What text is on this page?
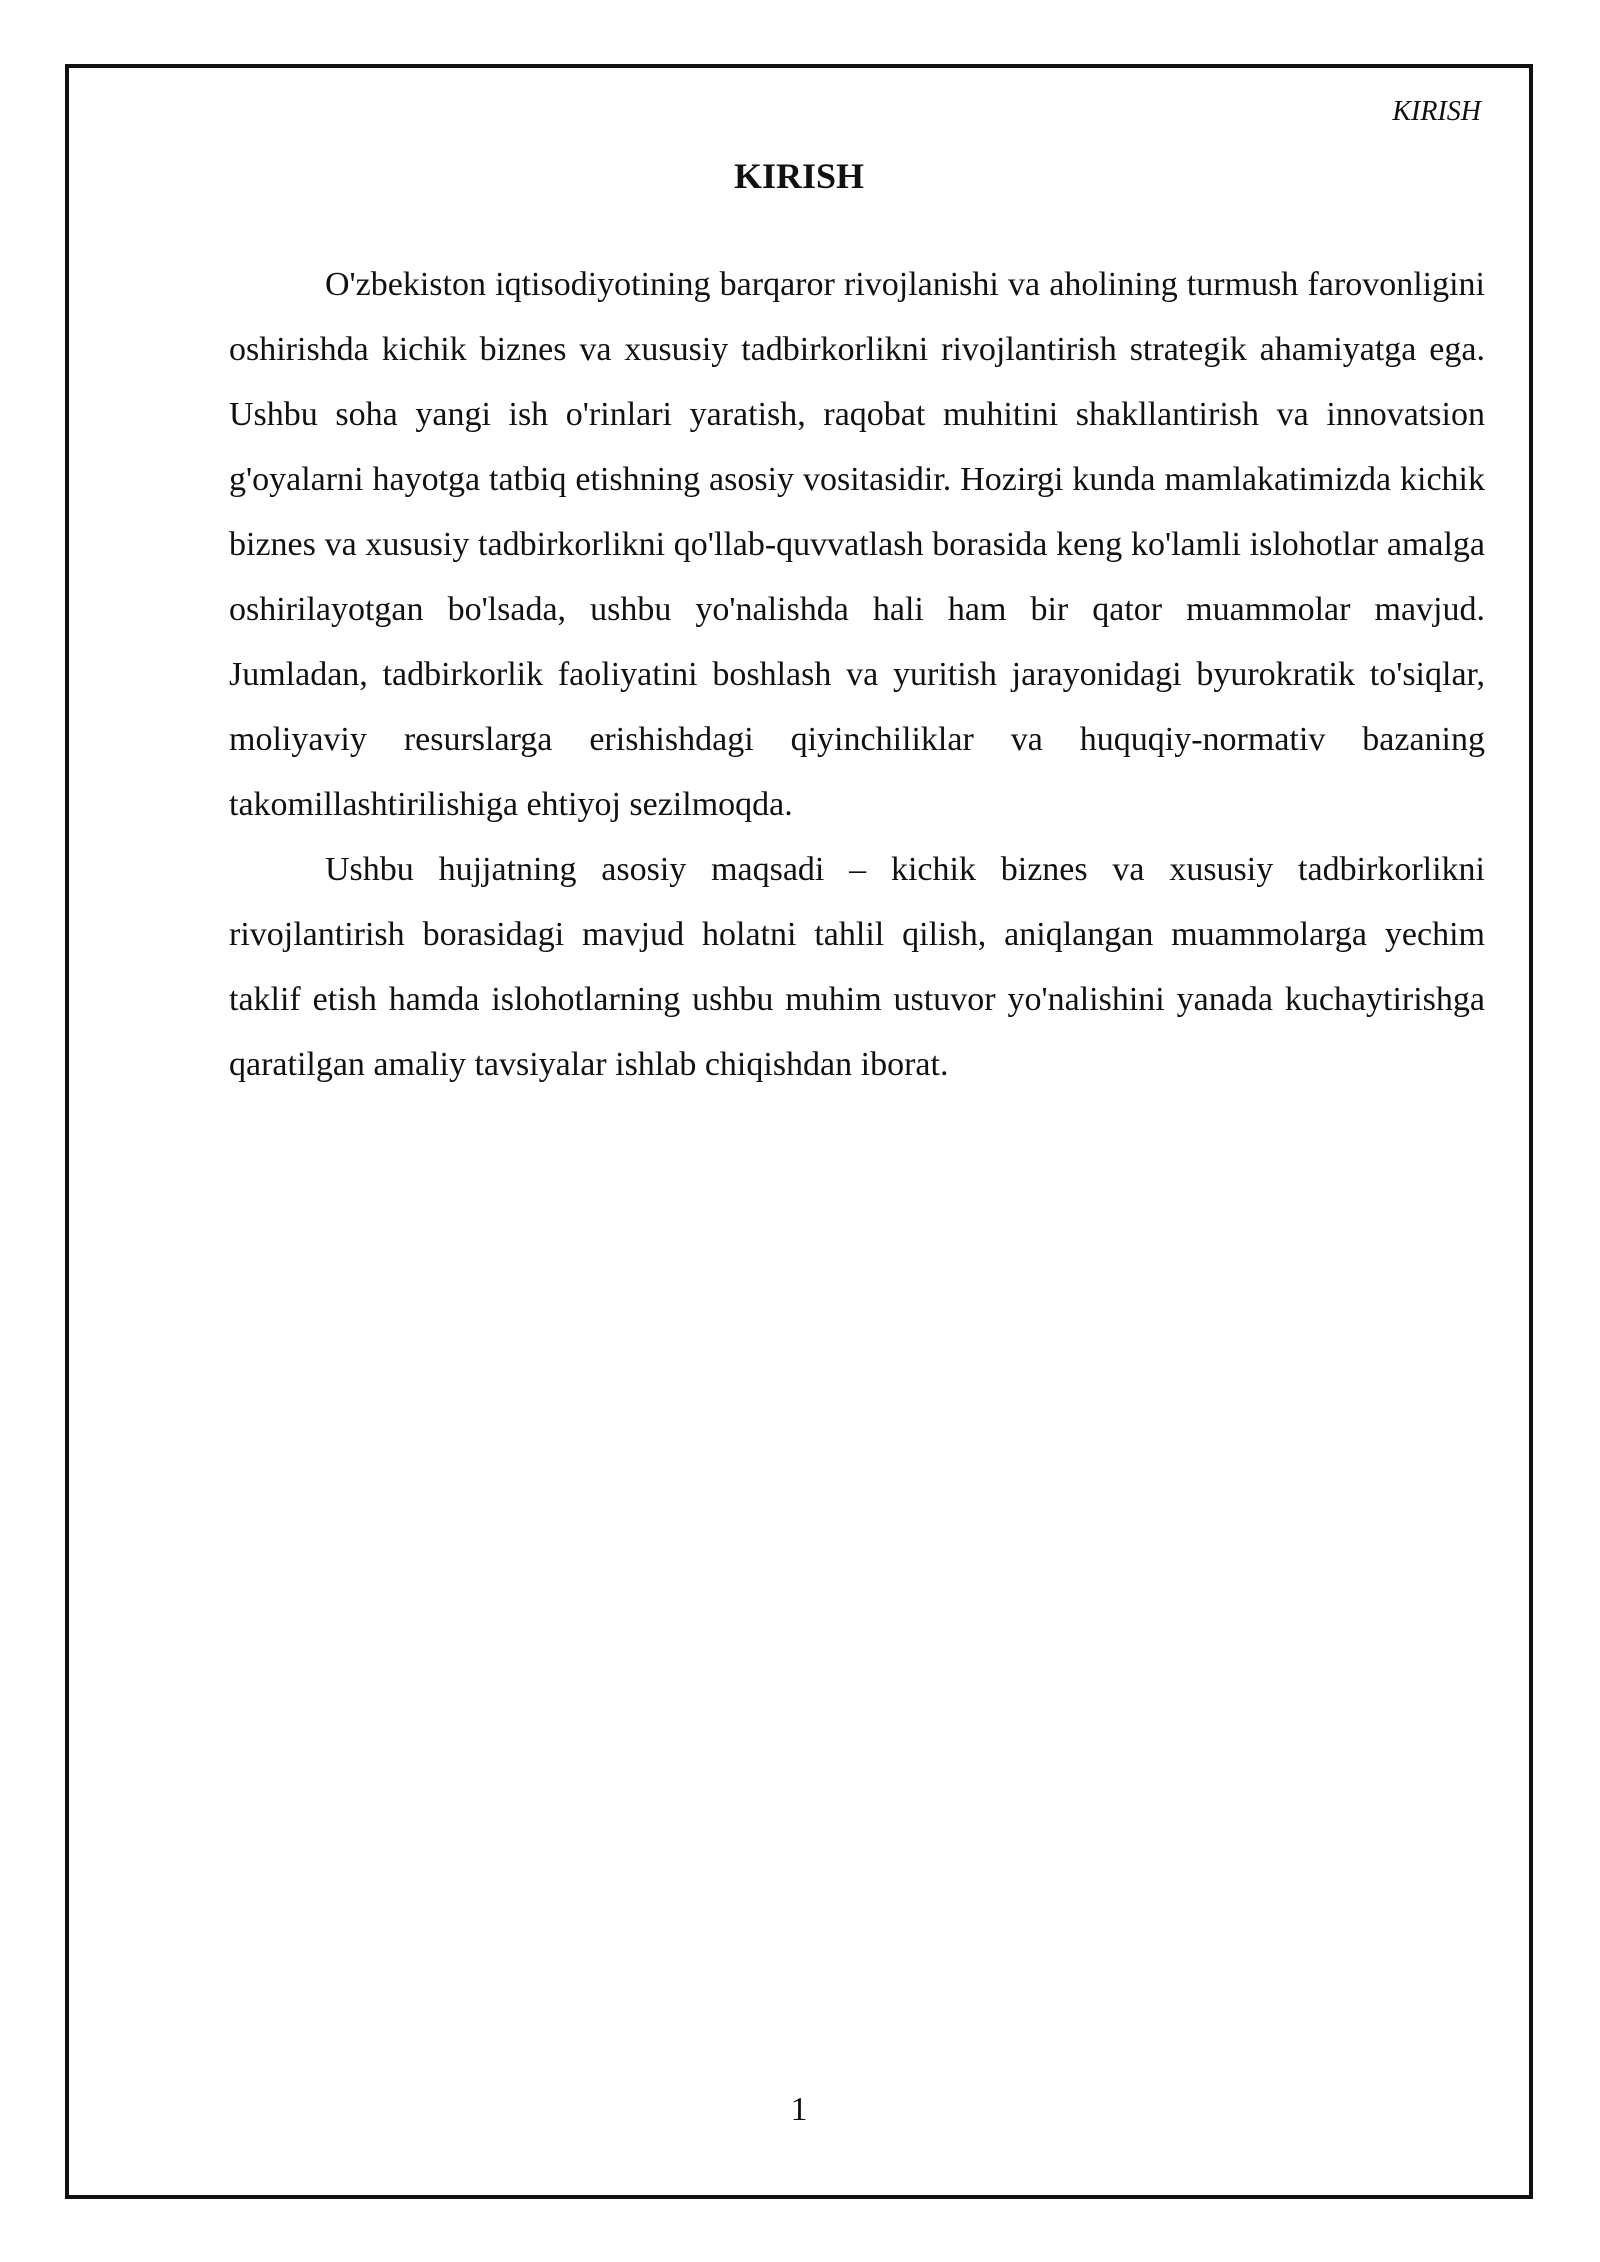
KIRISH
KIRISH

O'zbekiston iqtisodiyotining barqaror rivojlanishi va aholining turmush farovonligini oshirishda kichik biznes va xususiy tadbirkorlikni rivojlantirish strategik ahamiyatga ega. Ushbu soha yangi ish o'rinlari yaratish, raqobat muhitini shakllantirish va innovatsion g'oyalarni hayotga tatbiq etishning asosiy vositasidir. Hozirgi kunda mamlakatimizda kichik biznes va xususiy tadbirkorlikni qo'llab-quvvatlash borasida keng ko'lamli islohotlar amalga oshirilayotgan bo'lsada, ushbu yo'nalishda hali ham bir qator muammolar mavjud. Jumladan, tadbirkorlik faoliyatini boshlash va yuritish jarayonidagi byurokratik to'siqlar, moliyaviy resurslarga erishishdagi qiyinchiliklar va huquqiy-normativ bazaning takomillashtirilishiga ehtiyoj sezilmoqda.

Ushbu hujjatning asosiy maqsadi – kichik biznes va xususiy tadbirkorlikni rivojlantirish borasidagi mavjud holatni tahlil qilish, aniqlangan muammolarga yechim taklif etish hamda islohotlarning ushbu muhim ustuvor yo'nalishini yanada kuchaytirishga qaratilgan amaliy tavsiyalar ishlab chiqishdan iborat.

1
